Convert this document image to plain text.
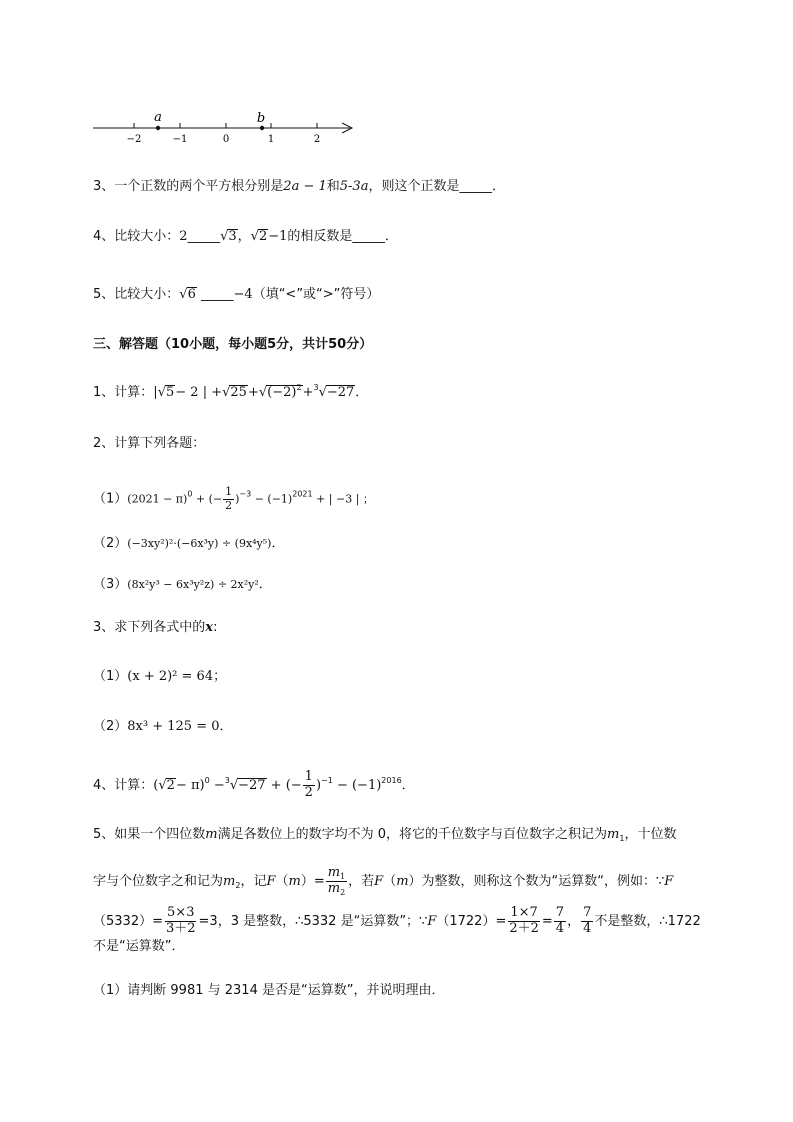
−2	−1	0	1	2
a	b
3、一个正数的两个平方根分别是2a − 1和5-3a，则这个正数是_____．
4、比较大小：2_____√3，√2−1的相反数是_____．
5、比较大小：√6 _____−4（填“<”或“>”符号）
三、解答题（10小题，每小题5分，共计50分）
1、计算：|√5− 2 | $+√25+√(-2)^2+^3√-27$．
2、计算下列各题：
$(1)(2021 - \pi)^0$ + (− $\frac{1}{2} )^{-3} - (-1)^{2021}$ + | −3 | ；
（2）(−3xy²)²·(−6x³y) ÷ (9x⁴y⁵)．
（3）(8x²y³ − 6x³y²z) ÷ 2x²y²．
3、求下列各式中的x:
（1）(x + 2)² = 64；
（2）8x³ + 125 = 0．
4、计算：$(√2- \pi)^0 -^3√-27$ + (− $\frac{1}{2} )^{-1} - (-1)^{2016}$．
5、如果一个四位数m满足各数位上的数字均不为 0，将它的千位数字与百位数字之积记为$m_1$，十位数
字与个位数字之和记为$m_2$，记$F(m)= \frac{m_1}{m_2}$ ，若F（m）为整数，则称这个数为“运算数“，例如：∵F
$(5332)= \frac{5\times 3}{3+2} =3$，3 是整数，∴5332 是“运算数”；∵F（1722）= $\frac{1\times 7}{2+2} = \frac{7}{4}$ ， $\frac{7}{4}$ 不是整数，∴1722
不是“运算数”．
（1）请判断 9981 与 2314 是否是“运算数”，并说明理由．
